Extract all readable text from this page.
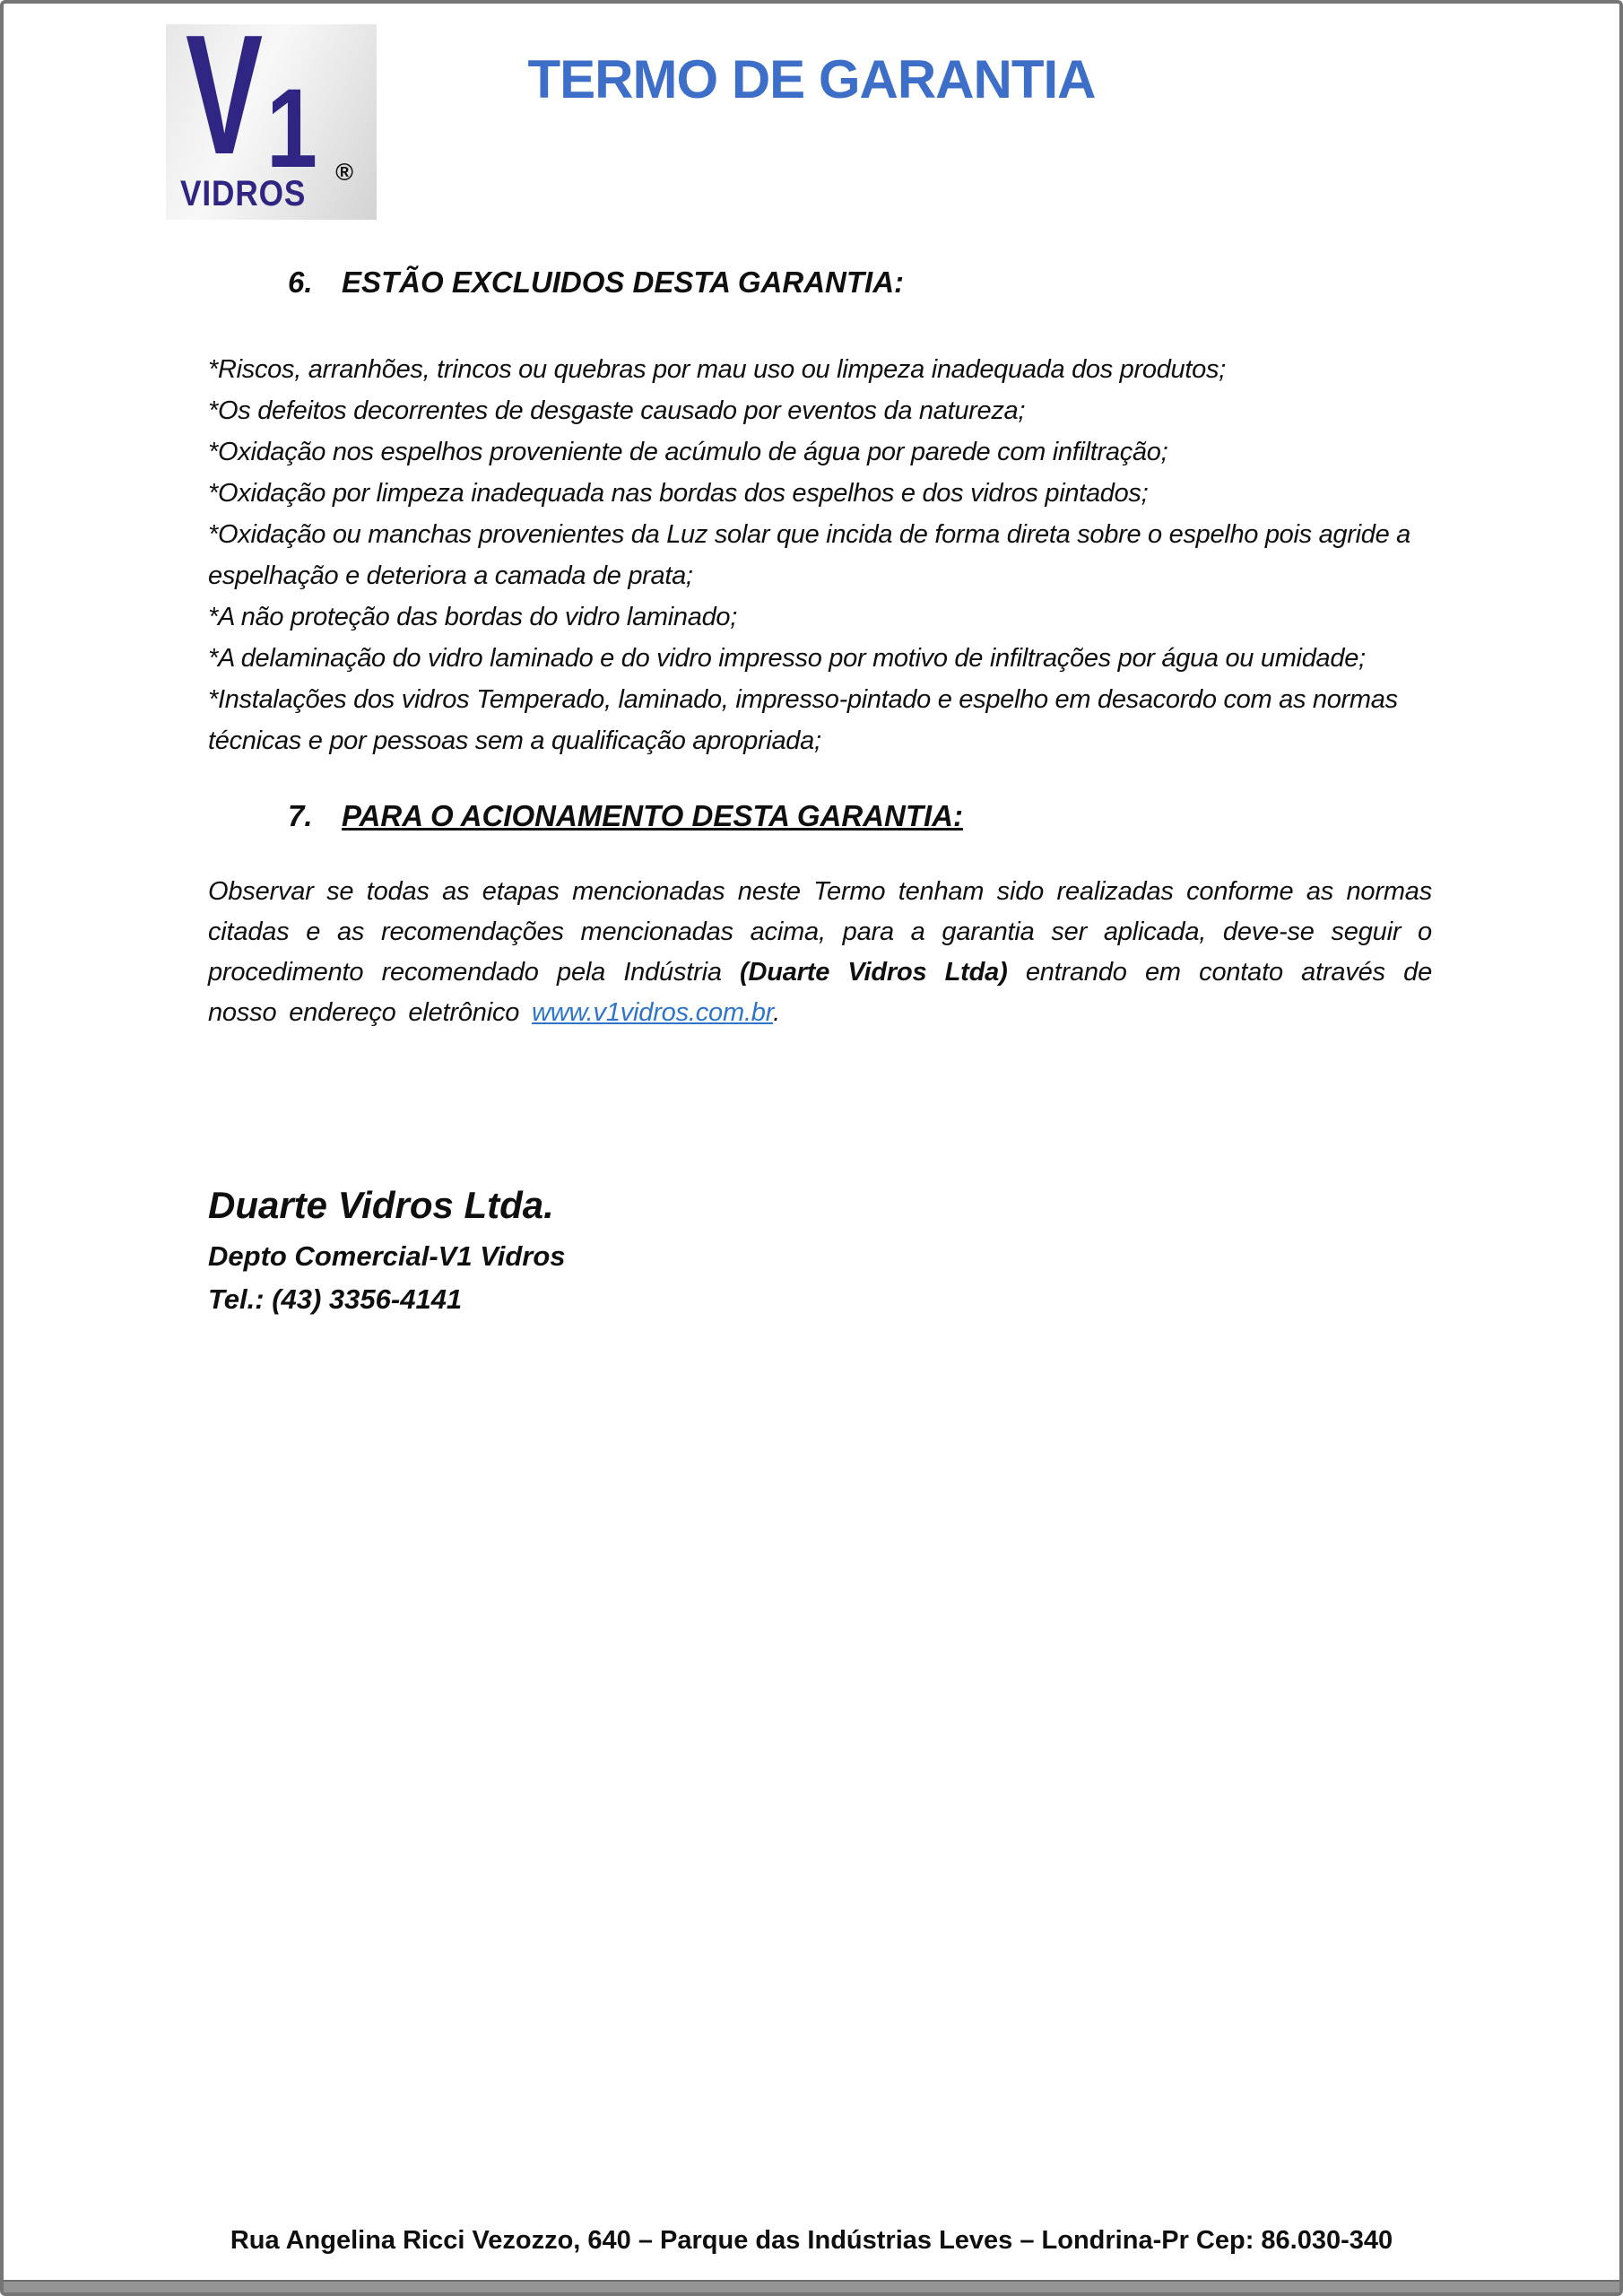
V 1 ®
VIDROS
TERMO DE GARANTIA
6. ESTÃO EXCLUIDOS DESTA GARANTIA:

*Riscos, arranhões, trincos ou quebras por mau uso ou limpeza inadequada dos produtos;

*Os defeitos decorrentes de desgaste causado por eventos da natureza;

*Oxidação nos espelhos proveniente de acúmulo de água por parede com infiltração;

*Oxidação por limpeza inadequada nas bordas dos espelhos e dos vidros pintados;

*Oxidação ou manchas provenientes da Luz solar que incida de forma direta sobre o espelho pois agride a espelhação e deteriora a camada de prata;

*A não proteção das bordas do vidro laminado;

*A delaminação do vidro laminado e do vidro impresso por motivo de infiltrações por água ou umidade;

*Instalações dos vidros Temperado, laminado, impresso-pintado e espelho em desacordo com as normas técnicas e por pessoas sem a qualificação apropriada;

7. PARA O ACIONAMENTO DESTA GARANTIA:
Observar se todas as etapas mencionadas neste Termo tenham sido realizadas conforme as normas citadas e as recomendações mencionadas acima, para a garantia ser aplicada, deve-se seguir o procedimento recomendado pela Indústria (Duarte Vidros Ltda) entrando em contato através de nosso endereço eletrônico www.v1vidros.com.br.

Duarte Vidros Ltda.

Depto Comercial-V1 Vidros

Tel.: (43) 3356-4141

Rua Angelina Ricci Vezozzo, 640 – Parque das Indústrias Leves – Londrina-Pr Cep: 86.030-340
